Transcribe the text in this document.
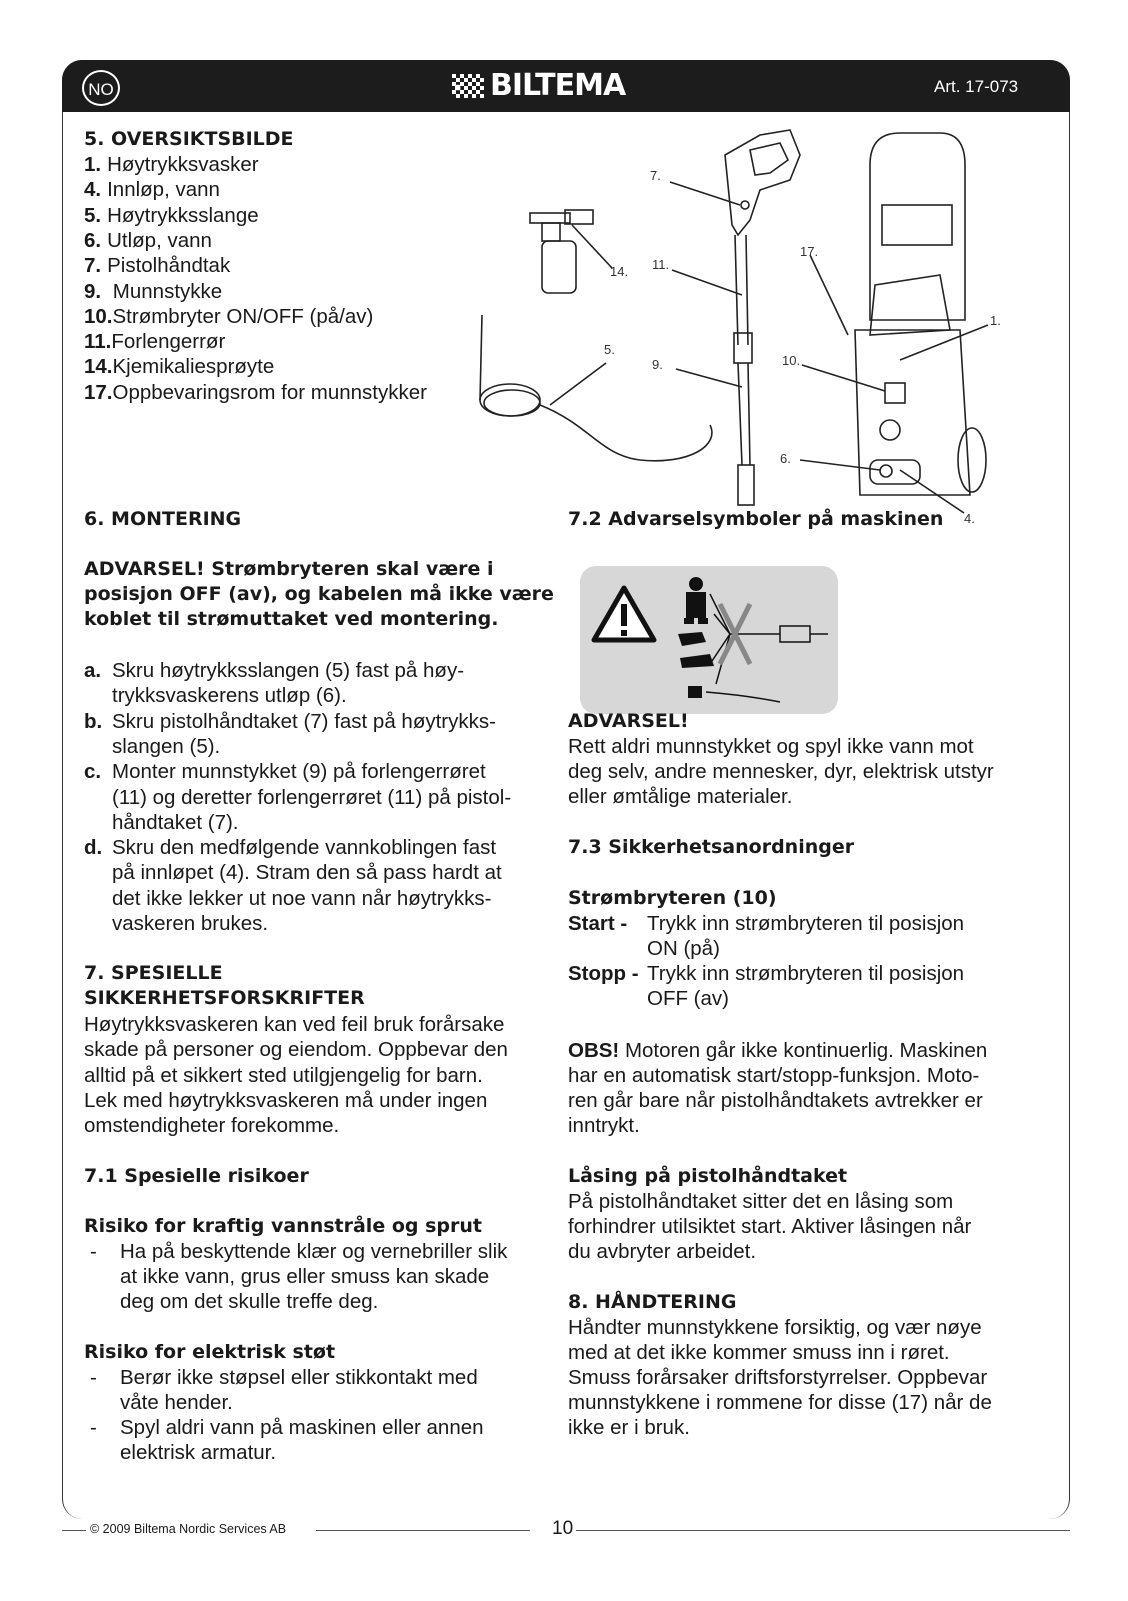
NO	BILTEMA	Art. 17-073
5. OVERSIKTSBILDE
1. Høytrykksvasker
4. Innløp, vann
5. Høytrykksslange
6. Utløp, vann
7. Pistolhåndtak
9. Munnstykke
10.Strømbryter ON/OFF (på/av)
11.Forlengerrør
14.Kjemikaliesprøyte
17.Oppbevaringsrom for munnstykker
7.
14. 11.
17.
1.
5.
9.	10.
6.
4.
6. MONTERING
ADVARSEL! Strømbryteren skal være i
posisjon OFF (av), og kabelen må ikke være
koblet til strømuttaket ved montering.
a. Skru høytrykksslangen (5) fast på høy-
trykksvaskerens utløp (6).
b. Skru pistolhåndtaket (7) fast på høytrykks-
slangen (5).
c. Monter munnstykket (9) på forlengerrøret
(11) og deretter forlengerrøret (11) på pistol-
håndtaket (7).
d. Skru den medfølgende vannkoblingen fast
på innløpet (4). Stram den så pass hardt at
det ikke lekker ut noe vann når høytrykks-
vaskeren brukes.
7. SPESIELLE
SIKKERHETSFORSKRIFTER
Høytrykksvaskeren kan ved feil bruk forårsake
skade på personer og eiendom. Oppbevar den
alltid på et sikkert sted utilgjengelig for barn.
Lek med høytrykksvaskeren må under ingen
omstendigheter forekomme.
7.1 Spesielle risikoer
Risiko for kraftig vannstråle og sprut
- Ha på beskyttende klær og vernebriller slik
at ikke vann, grus eller smuss kan skade
deg om det skulle treffe deg.
Risiko for elektrisk støt
- Berør ikke støpsel eller stikkontakt med
våte hender.
- Spyl aldri vann på maskinen eller annen
elektrisk armatur.
7.2 Advarselsymboler på maskinen
ADVARSEL!
Rett aldri munnstykket og spyl ikke vann mot
deg selv, andre mennesker, dyr, elektrisk utstyr
eller ømtålige materialer.
7.3 Sikkerhetsanordninger
Strømbryteren (10)
Start - Trykk inn strømbryteren til posisjon
ON (på)
Stopp - Trykk inn strømbryteren til posisjon
OFF (av)
OBS! Motoren går ikke kontinuerlig. Maskinen
har en automatisk start/stopp-funksjon. Moto-
ren går bare når pistolhåndtakets avtrekker er
inntrykt.
Låsing på pistolhåndtaket
På pistolhåndtaket sitter det en låsing som
forhindrer utilsiktet start. Aktiver låsingen når
du avbryter arbeidet.
8. HÅNDTERING
Håndter munnstykkene forsiktig, og vær nøye
med at det ikke kommer smuss inn i røret.
Smuss forårsaker driftsforstyrrelser. Oppbevar
munnstykkene i rommene for disse (17) når de
ikke er i bruk.
© 2009 Biltema Nordic Services AB	10
